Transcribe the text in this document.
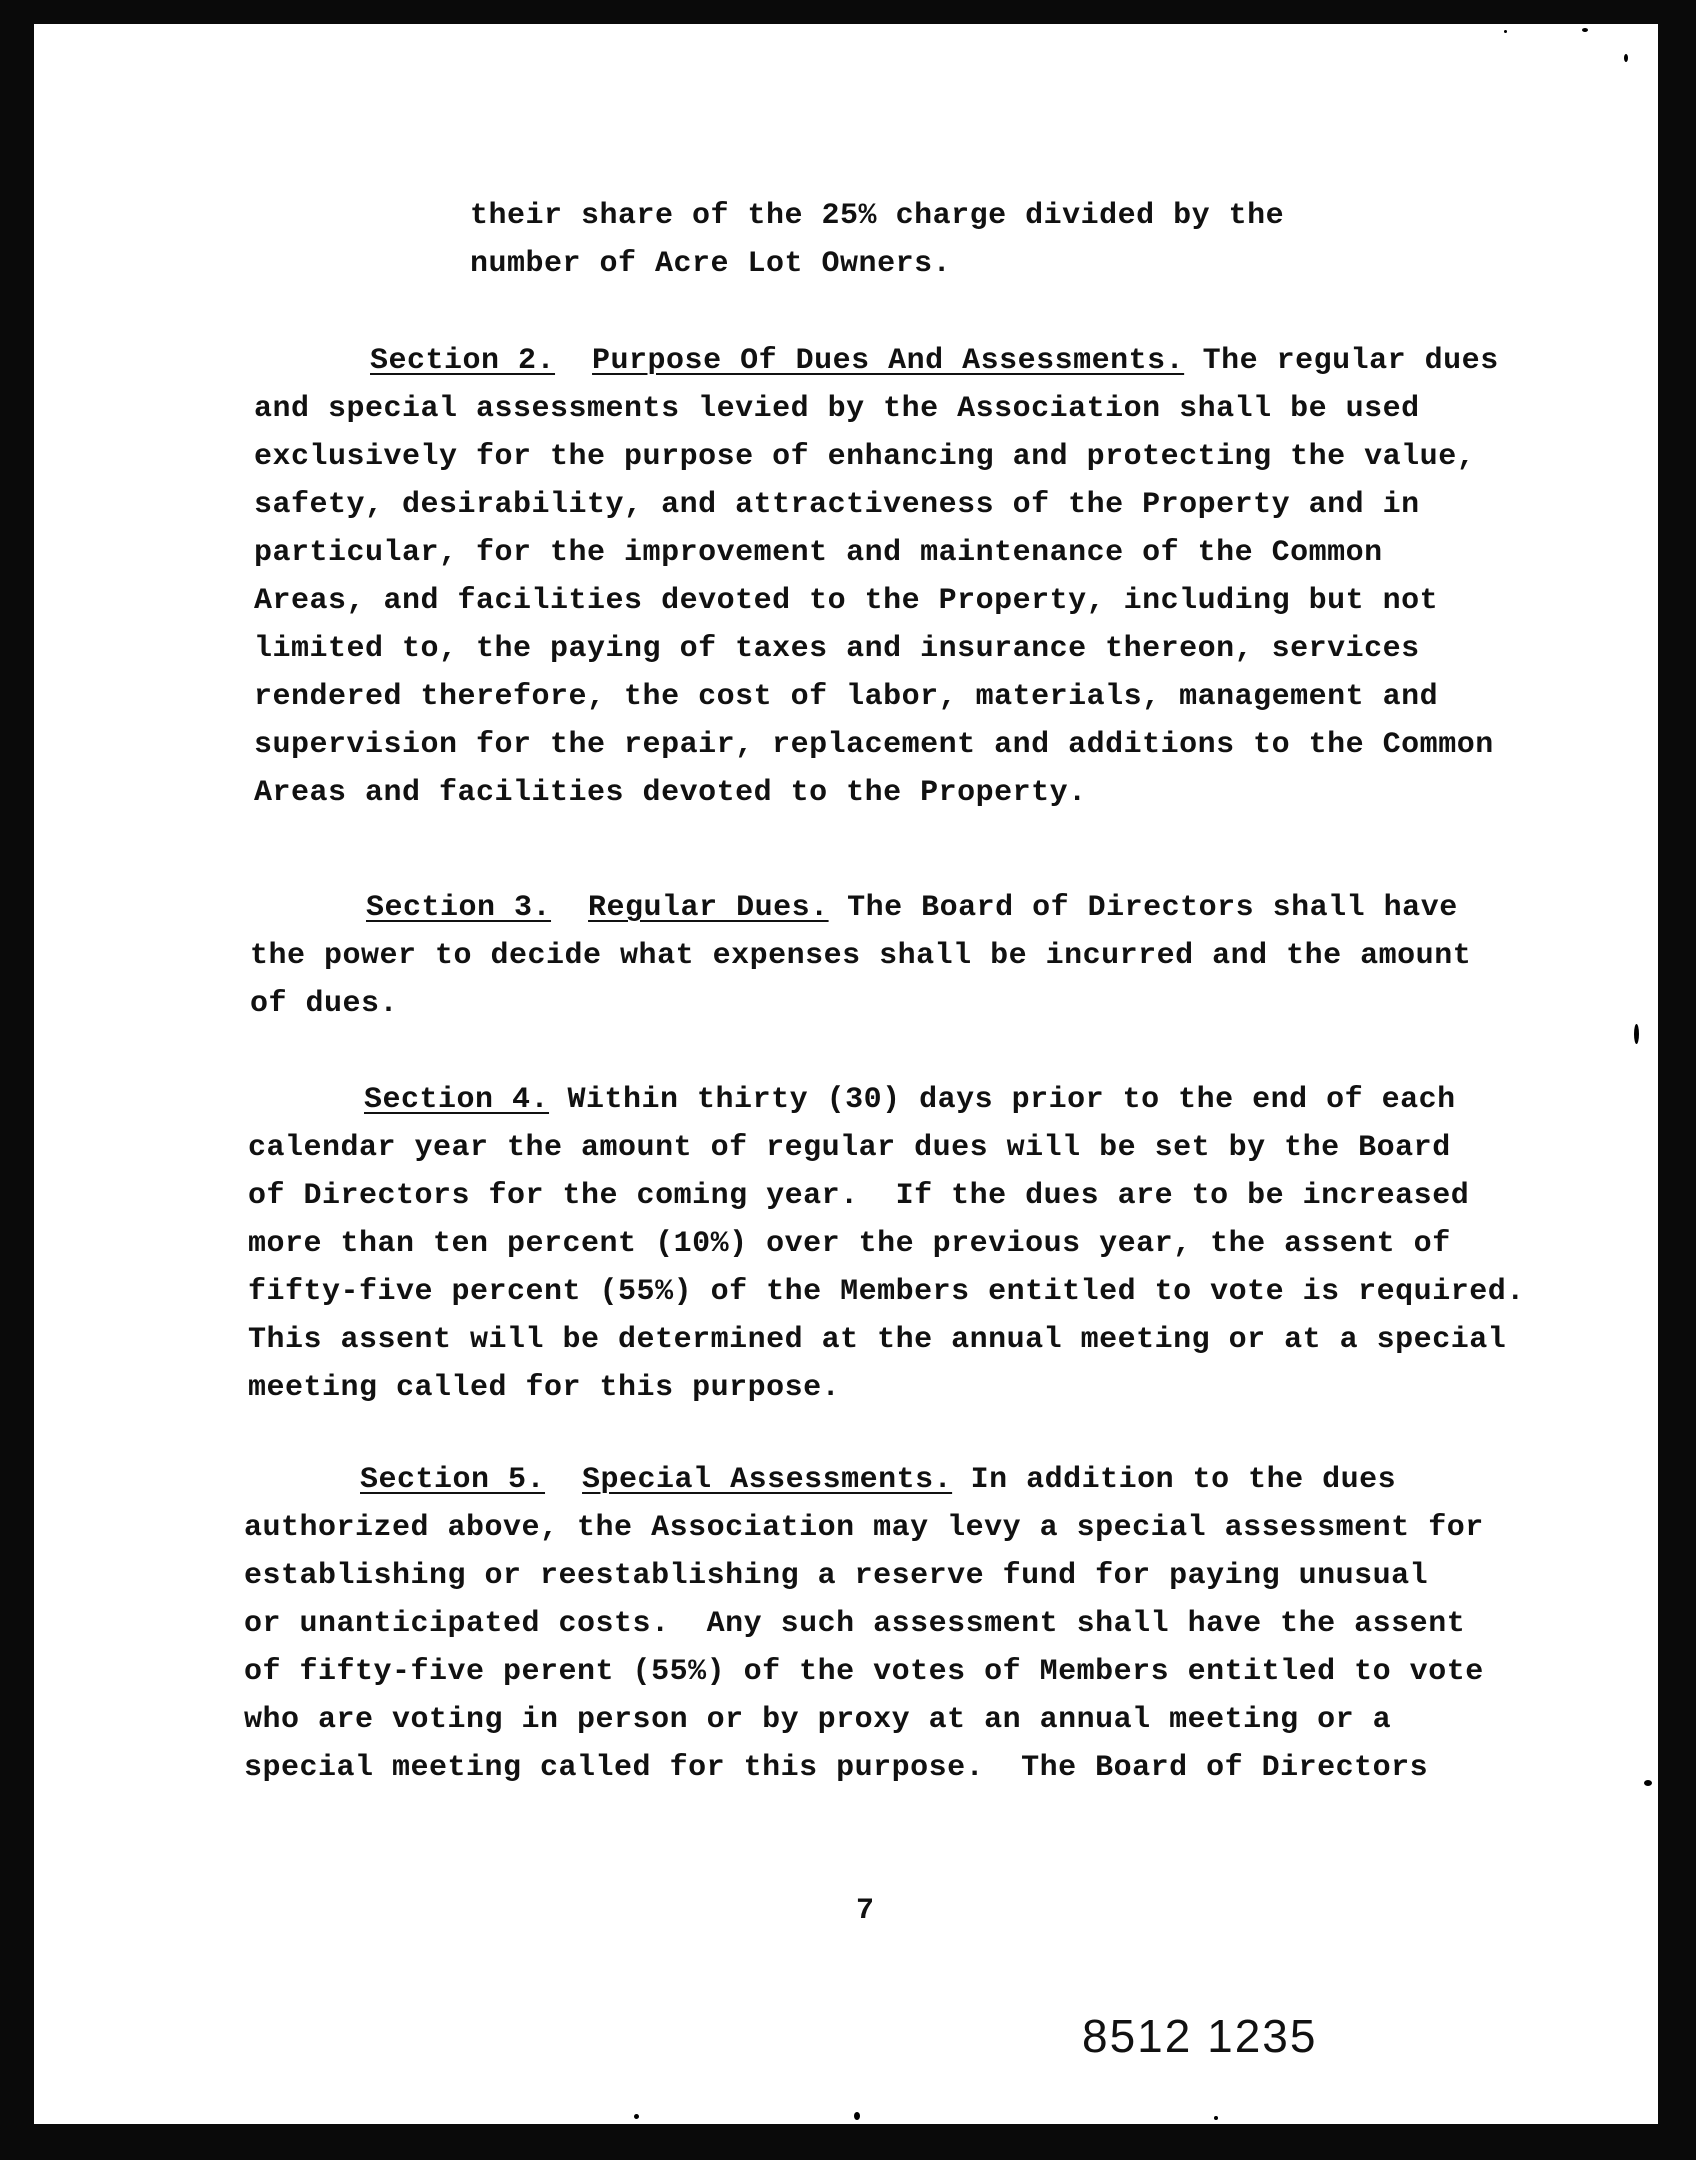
their share of the 25% charge divided by the
number of Acre Lot Owners.
Section 2. Purpose Of Dues And Assessments. The regular dues
and special assessments levied by the Association shall be used
exclusively for the purpose of enhancing and protecting the value,
safety, desirability, and attractiveness of the Property and in
particular, for the improvement and maintenance of the Common
Areas, and facilities devoted to the Property, including but not
limited to, the paying of taxes and insurance thereon, services
rendered therefore, the cost of labor, materials, management and
supervision for the repair, replacement and additions to the Common
Areas and facilities devoted to the Property.
Section 3. Regular Dues. The Board of Directors shall have
the power to decide what expenses shall be incurred and the amount
of dues.
Section 4. Within thirty (30) days prior to the end of each
calendar year the amount of regular dues will be set by the Board
of Directors for the coming year.  If the dues are to be increased
more than ten percent (10%) over the previous year, the assent of
fifty-five percent (55%) of the Members entitled to vote is required.
This assent will be determined at the annual meeting or at a special
meeting called for this purpose.
Section 5. Special Assessments. In addition to the dues
authorized above, the Association may levy a special assessment for
establishing or reestablishing a reserve fund for paying unusual
or unanticipated costs.  Any such assessment shall have the assent
of fifty-five perent (55%) of the votes of Members entitled to vote
who are voting in person or by proxy at an annual meeting or a
special meeting called for this purpose.  The Board of Directors
7
8512 1235
